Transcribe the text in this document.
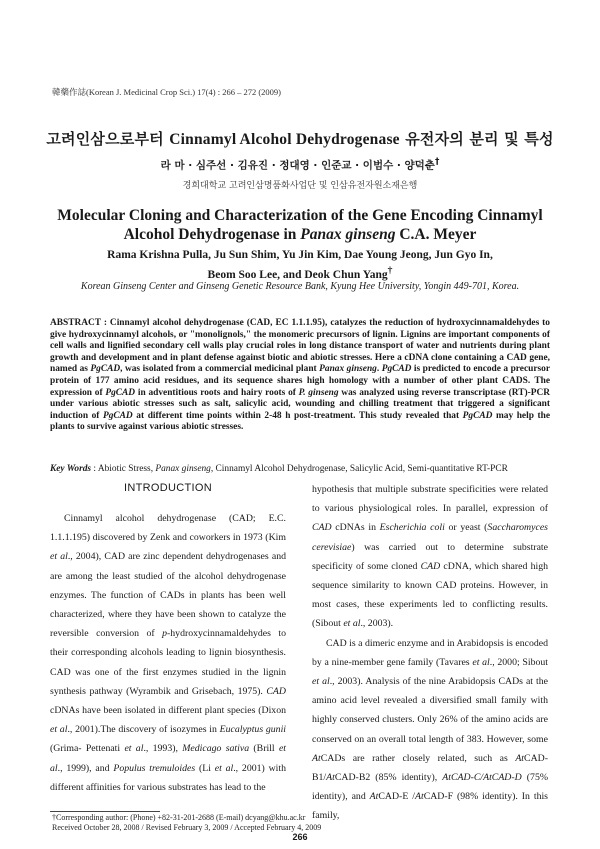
韓藥作誌(Korean J. Medicinal Crop Sci.) 17(4) : 266 – 272 (2009)
고려인삼으로부터 Cinnamyl Alcohol Dehydrogenase 유전자의 분리 및 특성
라 마 · 심주선 · 김유진 · 정대영 · 인준교 · 이범수 · 양덕춘†
경희대학교 고려인삼명품화사업단 및 인삼유전자원소재은행
Molecular Cloning and Characterization of the Gene Encoding Cinnamyl
Alcohol Dehydrogenase in Panax ginseng C.A. Meyer
Rama Krishna Pulla, Ju Sun Shim, Yu Jin Kim, Dae Young Jeong, Jun Gyo In,
Beom Soo Lee, and Deok Chun Yang†
Korean Ginseng Center and Ginseng Genetic Resource Bank, Kyung Hee University, Yongin 449-701, Korea.
ABSTRACT : Cinnamyl alcohol dehydrogenase (CAD, EC 1.1.1.95), catalyzes the reduction of hydroxycinnamaldehydes to give hydroxycinnamyl alcohols, or "monolignols," the monomeric precursors of lignin. Lignins are important components of cell walls and lignified secondary cell walls play crucial roles in long distance transport of water and nutrients during plant growth and development and in plant defense against biotic and abiotic stresses. Here a cDNA clone containing a CAD gene, named as PgCAD, was isolated from a commercial medicinal plant Panax ginseng. PgCAD is predicted to encode a precursor protein of 177 amino acid residues, and its sequence shares high homology with a number of other plant CADS. The expression of PgCAD in adventitious roots and hairy roots of P. ginseng was analyzed using reverse transcriptase (RT)-PCR under various abiotic stresses such as salt, salicylic acid, wounding and chilling treatment that triggered a significant induction of PgCAD at different time points within 2-48 h post-treatment. This study revealed that PgCAD may help the plants to survive against various abiotic stresses.
Key Words : Abiotic Stress, Panax ginseng, Cinnamyl Alcohol Dehydrogenase, Salicylic Acid, Semi-quantitative RT-PCR
INTRODUCTION

Cinnamyl alcohol dehydrogenase (CAD; E.C. 1.1.1.195) discovered by Zenk and coworkers in 1973 (Kim et al., 2004), CAD are zinc dependent dehydrogenases and are among the least studied of the alcohol dehydrogenase enzymes. The function of CADs in plants has been well characterized, where they have been shown to catalyze the reversible conversion of p-hydroxycinnamaldehydes to their corresponding alcohols leading to lignin biosynthesis. CAD was one of the first enzymes studied in the lignin synthesis pathway (Wyrambik and Grisebach, 1975). CAD cDNAs have been isolated in different plant species (Dixon et al., 2001).The discovery of isozymes in Eucalyptus gunii (Grima- Pettenati et al., 1993), Medicago sativa (Brill et al., 1999), and Populus tremuloides (Li et al., 2001) with different affinities for various substrates has lead to the

hypothesis that multiple substrate specificities were related to various physiological roles. In parallel, expression of CAD cDNAs in Escherichia coli or yeast (Saccharomyces cerevisiae) was carried out to determine substrate specificity of some cloned CAD cDNA, which shared high sequence similarity to known CAD proteins. However, in most cases, these experiments led to conflicting results. (Sibout et al., 2003).

CAD is a dimeric enzyme and in Arabidopsis is encoded by a nine-member gene family (Tavares et al., 2000; Sibout et al., 2003). Analysis of the nine Arabidopsis CADs at the amino acid level revealed a diversified small family with highly conserved clusters. Only 26% of the amino acids are conserved on an overall total length of 383. However, some AtCADs are rather closely related, such as AtCAD-B1/AtCAD-B2 (85% identity), AtCAD-C/AtCAD-D (75% identity), and AtCAD-E /AtCAD-F (98% identity). In this family,

†Corresponding author: (Phone) +82-31-201-2688 (E-mail) dcyang@khu.ac.kr
Received October 28, 2008 / Revised February 3, 2009 / Accepted February 4, 2009
266
